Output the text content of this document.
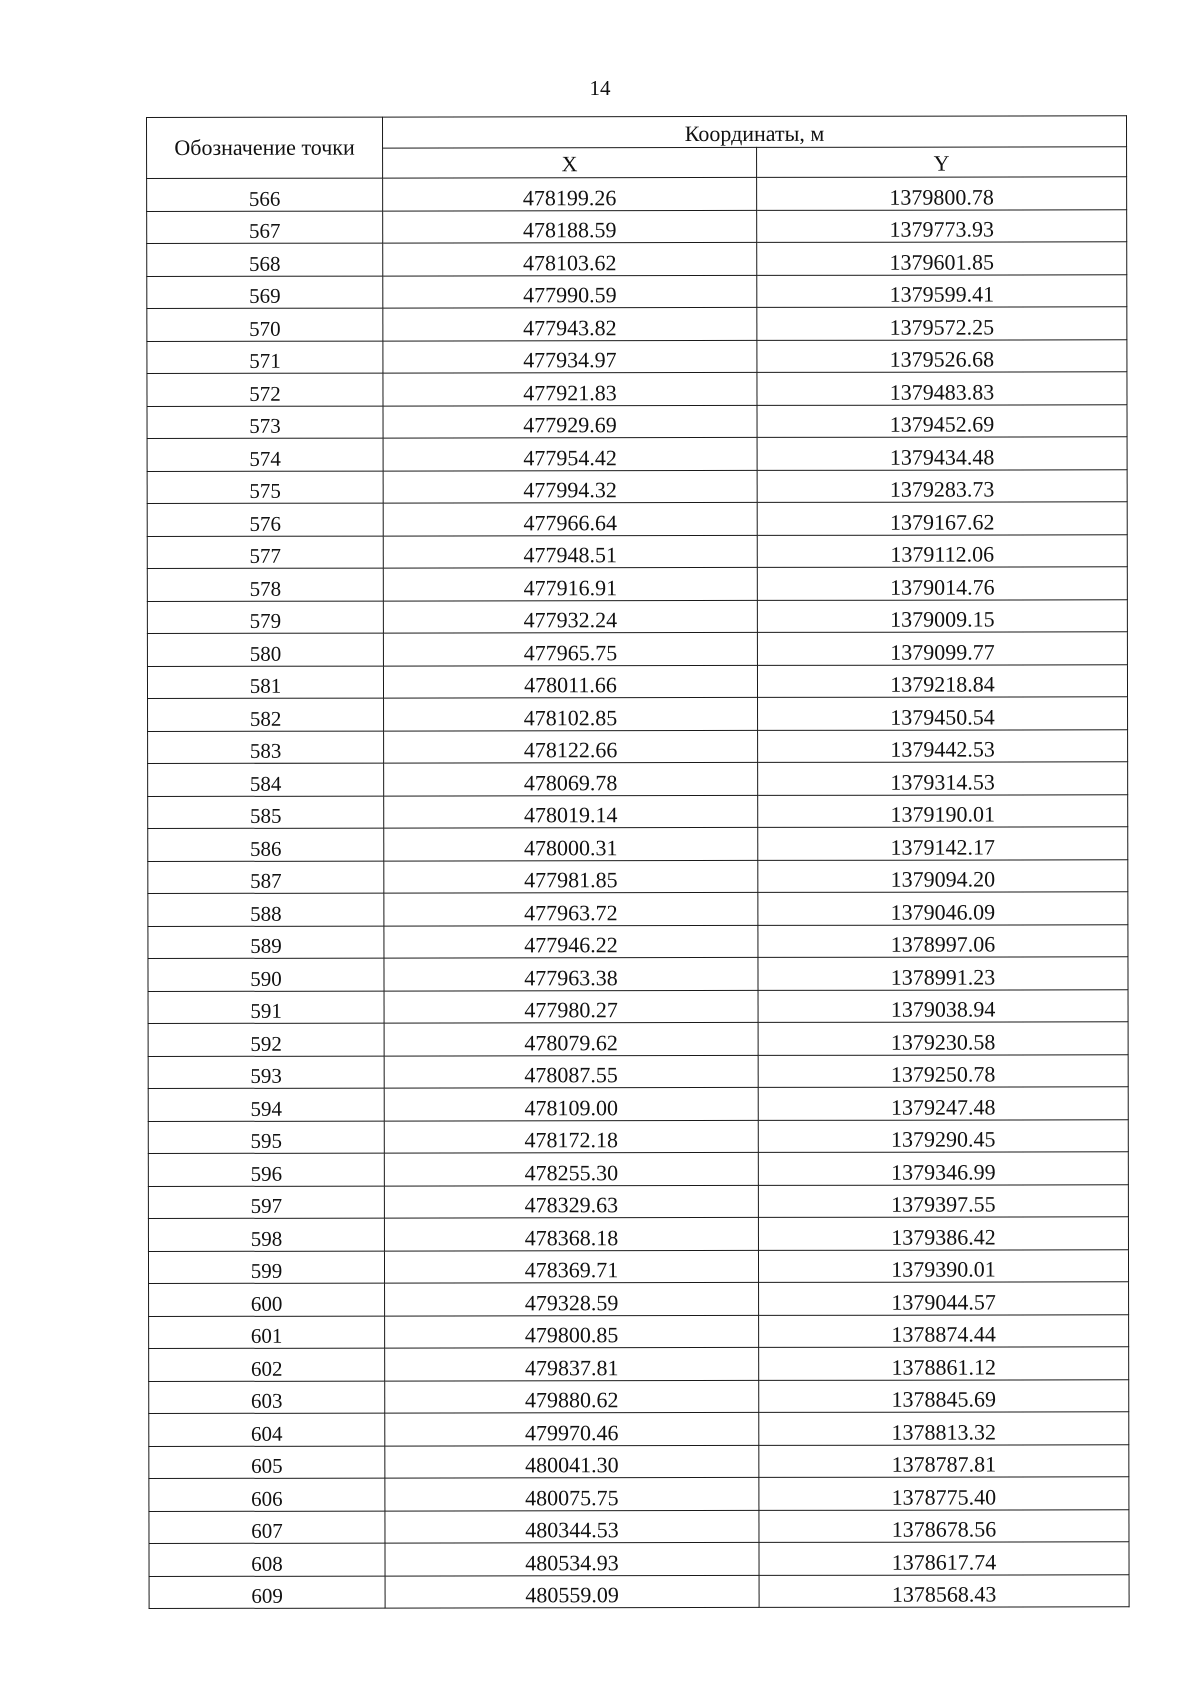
14
Обозначение точки	Координаты, м	
	X	Y
566	478199.26	1379800.78
567	478188.59	1379773.93
568	478103.62	1379601.85
569	477990.59	1379599.41
570	477943.82	1379572.25
571	477934.97	1379526.68
572	477921.83	1379483.83
573	477929.69	1379452.69
574	477954.42	1379434.48
575	477994.32	1379283.73
576	477966.64	1379167.62
577	477948.51	1379112.06
578	477916.91	1379014.76
579	477932.24	1379009.15
580	477965.75	1379099.77
581	478011.66	1379218.84
582	478102.85	1379450.54
583	478122.66	1379442.53
584	478069.78	1379314.53
585	478019.14	1379190.01
586	478000.31	1379142.17
587	477981.85	1379094.20
588	477963.72	1379046.09
589	477946.22	1378997.06
590	477963.38	1378991.23
591	477980.27	1379038.94
592	478079.62	1379230.58
593	478087.55	1379250.78
594	478109.00	1379247.48
595	478172.18	1379290.45
596	478255.30	1379346.99
597	478329.63	1379397.55
598	478368.18	1379386.42
599	478369.71	1379390.01
600	479328.59	1379044.57
601	479800.85	1378874.44
602	479837.81	1378861.12
603	479880.62	1378845.69
604	479970.46	1378813.32
605	480041.30	1378787.81
606	480075.75	1378775.40
607	480344.53	1378678.56
608	480534.93	1378617.74
609	480559.09	1378568.43
